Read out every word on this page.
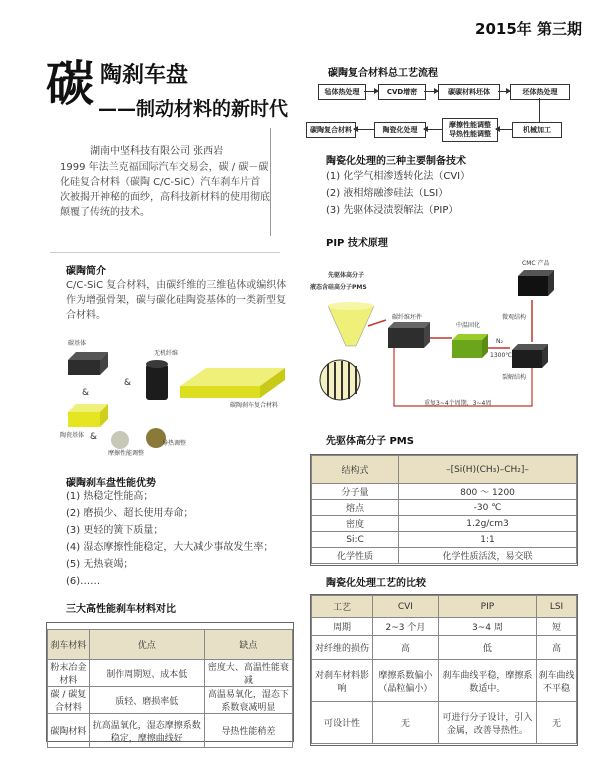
2015年 第三期
碳 陶刹车盘
——制动材料的新时代
湖南中坚科技有限公司 张西岩
1999 年法兰克福国际汽车交易会，碳 / 碳－碳化硅复合材料（碳陶 C/C-SiC）汽车刹车片首次被揭开神秘的面纱，高科技新材料的使用彻底颠覆了传统的技术。
碳陶简介
C/C-SiC 复合材料，由碳纤维的三维毡体或编织体作为增强骨架，碳与碳化硅陶瓷基体的一类新型复合材料。
碳基体
无机纤维
碳陶刹车复合材料
陶瓷基体
摩擦性能调整
导热调整
&
&
&
碳陶刹车盘性能优势
(1) 热稳定性能高；
(2) 磨损少、超长使用寿命；
(3) 更轻的簧下质量；
(4) 湿态摩擦性能稳定，大大减少事故发生率；
(5) 无热衰竭；
(6)……
三大高性能刹车材料对比
刹车材料	优点	缺点
粉末冶金材料	制作周期短、成本低	密度大、高温性能衰减
碳 / 碳复合材料	质轻、磨损率低	高温易氧化，湿态下系数衰减明显
碳陶材料	抗高温氧化，湿态摩擦系数稳定，摩擦曲线好	导热性能稍差
碳陶复合材料总工艺流程
毡体热处理	CVD增密	碳碳材料坯体	坯体热处理
碳陶复合材料	陶瓷化处理
摩擦性能调整
导热性能调整
机械加工
陶瓷化处理的三种主要制备技术
(1) 化学气相渗透转化法（CVI）
(2) 液相熔融渗硅法（LSI）
(3) 先驱体浸渍裂解法（PIP）
PIP 技术原理
先驱体高分子
液态含硅高分子PMS
碳纤维坯件
中温固化
CMC 产品
微观结构
N₂
1300℃
裂解结构
重复3~4个周期，3~4周
先驱体高分子 PMS
结构式	–[Si(H)(CH₃)–CH₂]–
分子量	800 ～ 1200
熔点	-30 ℃
密度	1.2g/cm3
Si:C	1:1
化学性质	化学性质活泼，易交联
陶瓷化处理工艺的比较
工艺	CVI	PIP	LSI
周期	2~3 个月	3~4 周	短
对纤维的损伤	高	低	高
对刹车材料影响	摩擦系数偏小（晶粒偏小）	刹车曲线平稳，摩擦系数适中。	刹车曲线不平稳
可设计性	无	可进行分子设计，引入金属，改善导热性。	无
